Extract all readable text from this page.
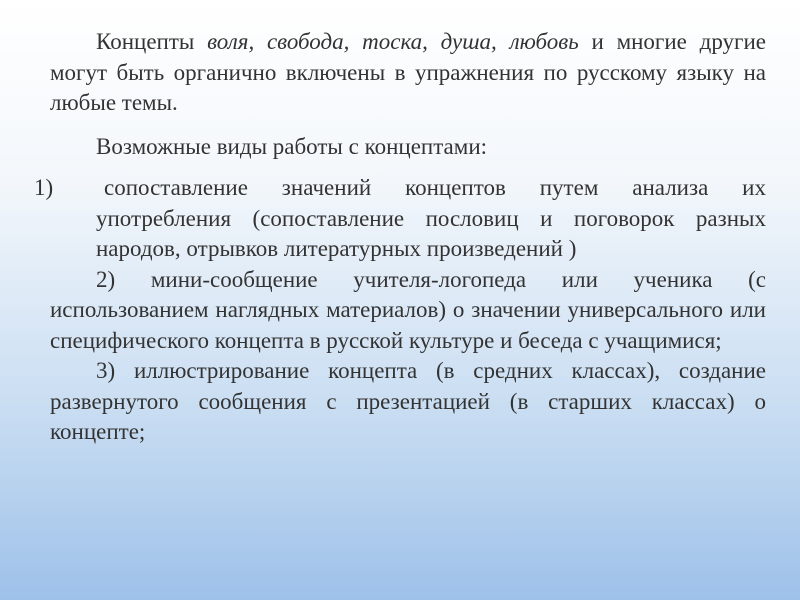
Концепты воля, свобода, тоска, душа, любовь и многие другие могут быть органично включены в упражнения по русскому языку на любые темы.

Возможные виды работы с концептами:

1) сопоставление значений концептов путем анализа их употребления (сопоставление пословиц и поговорок разных народов, отрывков литературных произведений )

2) мини-сообщение учителя-логопеда или ученика (с использованием наглядных материалов) о значении универсального или специфического концепта в русской культуре и беседа с учащимися;

3) иллюстрирование концепта (в средних классах), создание развернутого сообщения с презентацией (в старших классах) о концепте;
